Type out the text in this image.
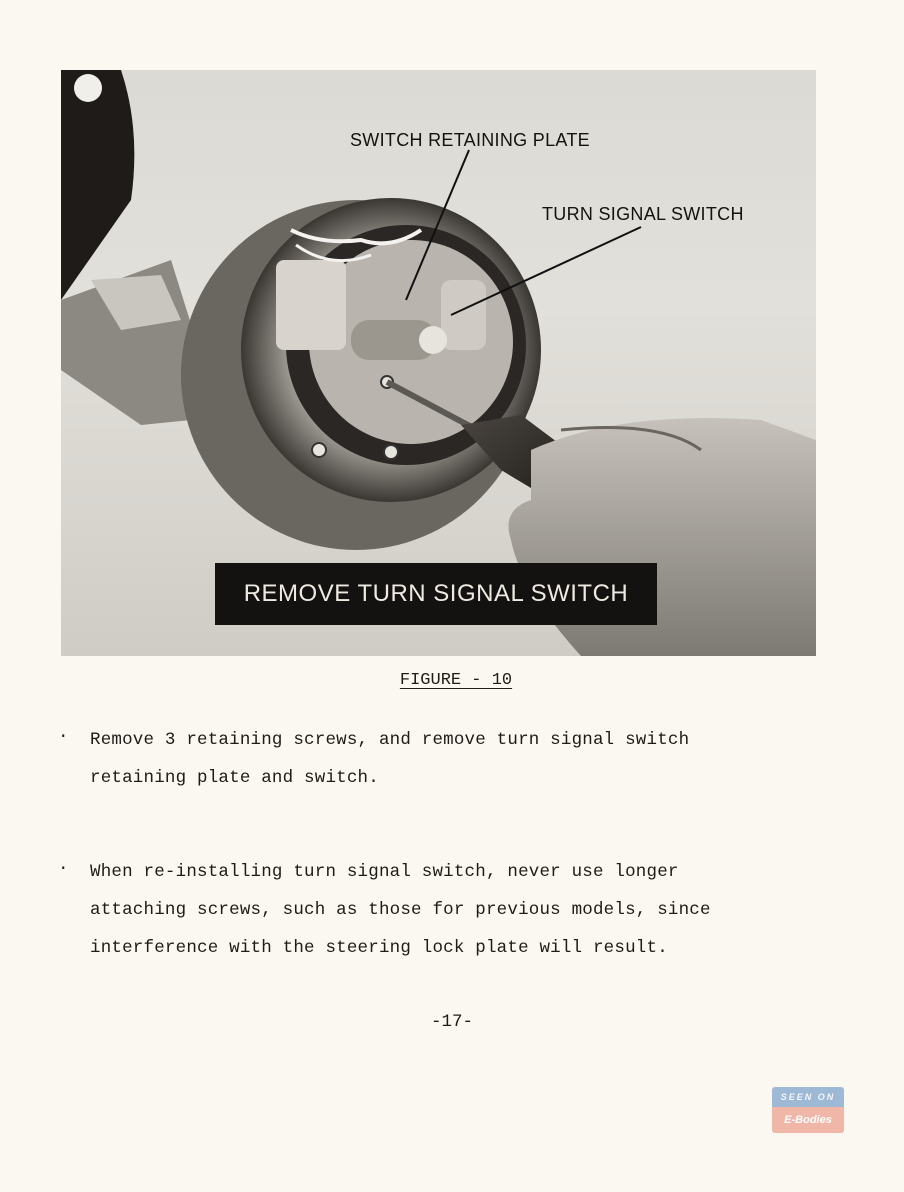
SWITCH RETAINING PLATE
TURN SIGNAL SWITCH
REMOVE TURN SIGNAL SWITCH
FIGURE - 10
. Remove 3 retaining screws, and remove turn signal switch
retaining plate and switch.
. When re-installing turn signal switch, never use longer
attaching screws, such as those for previous models, since
interference with the steering lock plate will result.
-17-
SEEN ON
E-Bodies
